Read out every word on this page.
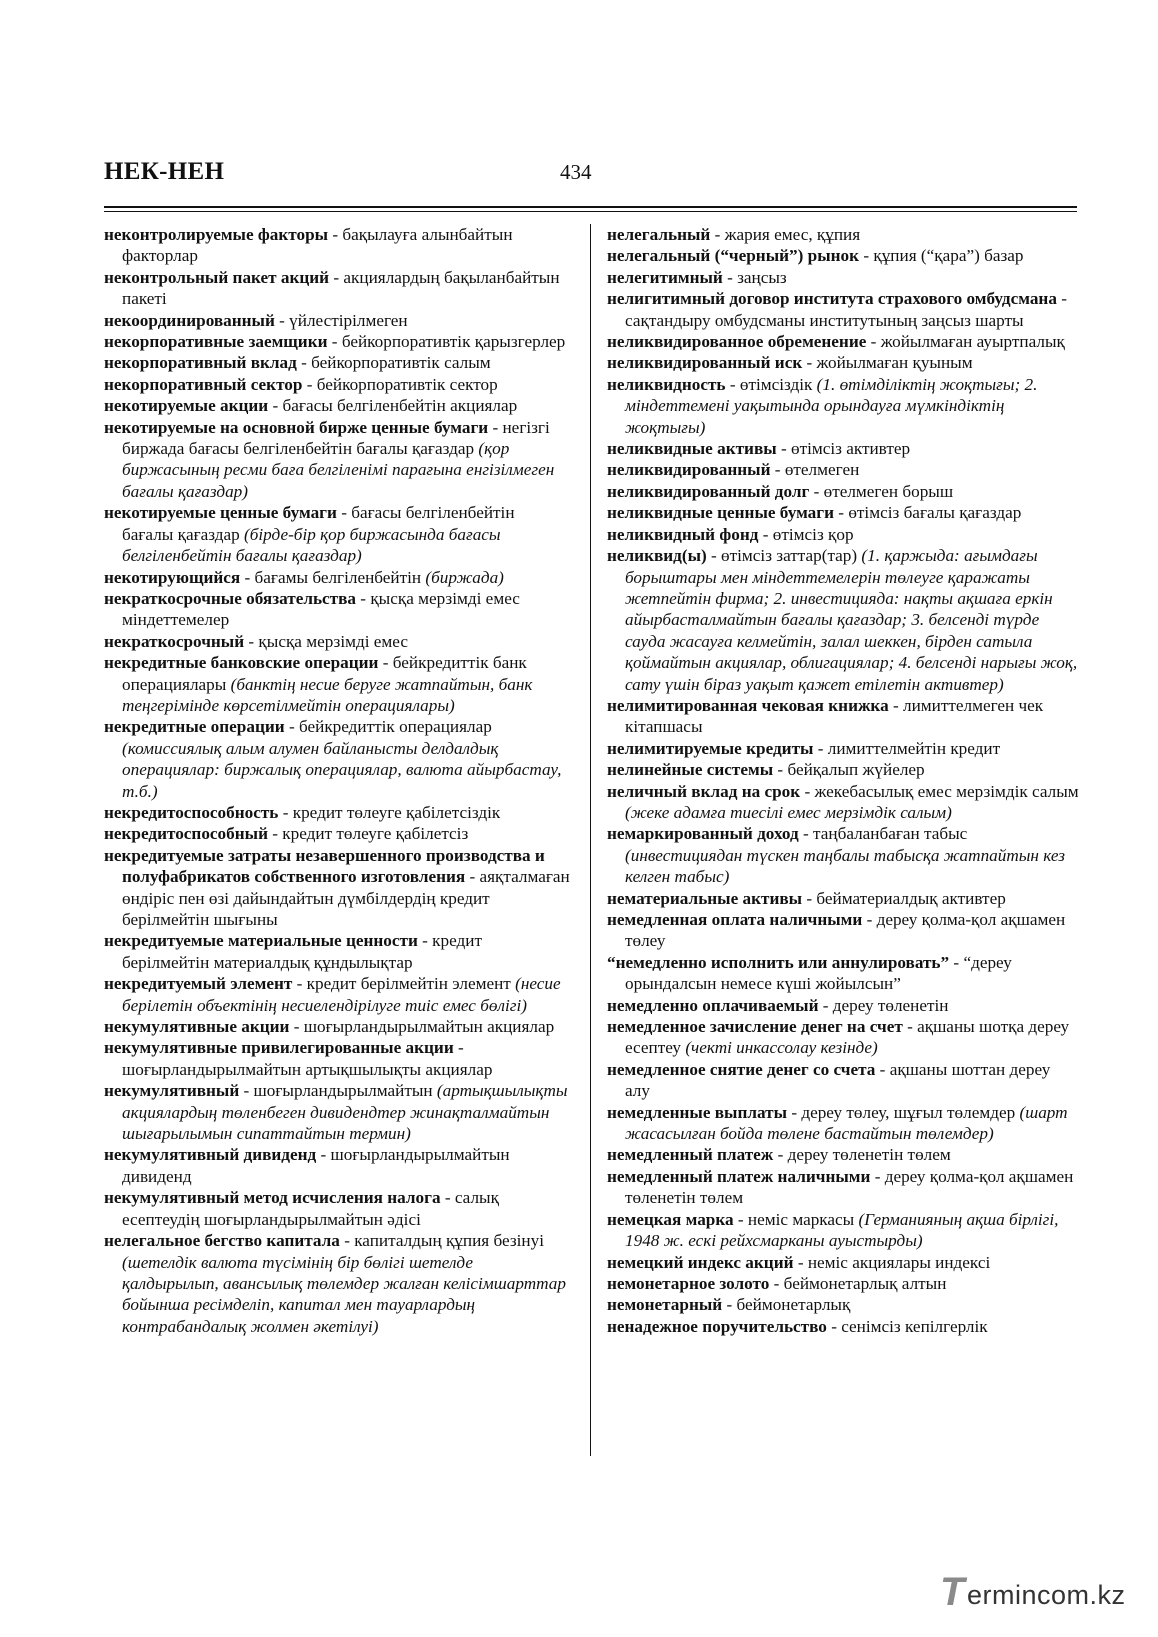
НЕК-НЕН	434

неконтролируемые факторы - бақылауға алынбайтын факторлар

неконтрольный пакет акций - акциялардың бақыланбайтын пакеті

некоординированный - үйлестірілмеген

некорпоративные заемщики - бейкорпоративтік қарызгерлер

некорпоративный вклад - бейкорпоративтік салым

некорпоративный сектор - бейкорпоративтік сектор

некотируемые акции - бағасы белгіленбейтін акциялар

некотируемые на основной бирже ценные бумаги - негізгі биржада бағасы белгіленбейтін бағалы қағаздар (қор биржасының ресми баға белгіленімі парағына енгізілмеген бағалы қағаздар)

некотируемые ценные бумаги - бағасы белгіленбейтін бағалы қағаздар (бірде-бір қор биржасында бағасы белгіленбейтін бағалы қағаздар)

некотирующийся - бағамы белгіленбейтін (биржада)

некраткосрочные обязательства - қысқа мерзімді емес міндеттемелер

некраткосрочный - қысқа мерзімді емес

некредитные банковские операции - бейкредиттік банк операциялары (банктің несие беруге жатпайтын, банк теңгерімінде көрсетілмейтін операциялары)

некредитные операции - бейкредиттік операциялар (комиссиялық алым алумен байланысты делдалдық операциялар: биржалық операциялар, валюта айырбастау, т.б.)

некредитоспособность - кредит төлеуге қабілетсіздік

некредитоспособный - кредит төлеуге қабілетсіз

некредитуемые затраты незавершенного производства и полуфабрикатов собственного изготовления - аяқталмаған өндіріс пен өзі дайындайтын дүмбілдердің кредит берілмейтін шығыны

некредитуемые материальные ценности - кредит берілмейтін материалдық құндылықтар

некредитуемый элемент - кредит берілмейтін элемент (несие берілетін объектінің несиелендірілуге тиіс емес бөлігі)

некумулятивные акции - шоғырландырылмайтын акциялар

некумулятивные привилегированные акции - шоғырландырылмайтын артықшылықты акциялар

некумулятивный - шоғырландырылмайтын (артықшылықты акциялардың төленбеген дивидендтер жинақталмайтын шығарылымын сипаттайтын термин)

некумулятивный дивиденд - шоғырландырылмайтын дивиденд

некумулятивный метод исчисления налога - салық есептеудің шоғырландырылмайтын әдісі

нелегальное бегство капитала - капиталдың құпия безінуі (шетелдік валюта түсімінің бір бөлігі шетелде қалдырылып, авансылық төлемдер жалған келісімшарттар бойынша ресімделіп, капитал мен тауарлардың контрабандалық жолмен әкетілуі)

нелегальный - жария емес, құпия

нелегальный (“черный”) рынок - құпия (“қара”) базар

нелегитимный - заңсыз

нелигитимный договор института страхового омбудсмана - сақтандыру омбудсманы институтының заңсыз шарты

неликвидированное обременение - жойылмаған ауыртпалық

неликвидированный иск - жойылмаған қуыным

неликвидность - өтімсіздік (1. өтімділіктің жоқтығы; 2. міндеттемені уақытында орындауға мүмкіндіктің жоқтығы)

неликвидные активы - өтімсіз активтер

неликвидированный - өтелмеген

неликвидированный долг - өтелмеген борыш

неликвидные ценные бумаги - өтімсіз бағалы қағаздар

неликвидный фонд - өтімсіз қор

неликвид(ы) - өтімсіз заттар(тар) (1. қаржыда: ағымдағы борыштары мен міндеттемелерін төлеуге қаражаты жетпейтін фирма; 2. инвестицияда: нақты ақшаға еркін айырбасталмайтын бағалы қағаздар; 3. белсенді түрде сауда жасауға келмейтін, залал шеккен, бірден сатыла қоймайтын акциялар, облигациялар; 4. белсенді нарығы жоқ, сату үшін біраз уақыт қажет етілетін активтер)

нелимитированная чековая книжка - лимиттелмеген чек кітапшасы

нелимитируемые кредиты - лимиттелмейтін кредит

нелинейные системы - бейқалып жүйелер

неличный вклад на срок - жекебасылық емес мерзімдік салым (жеке адамға тиесілі емес мерзімдік салым)

немаркированный доход - таңбаланбаған табыс (инвестициядан түскен таңбалы табысқа жатпайтын кез келген табыс)

нематериальные активы - бейматериалдық активтер

немедленная оплата наличными - дереу қолма-қол ақшамен төлеу

“немедленно исполнить или аннулировать” - “дереу орындалсын немесе күші жойылсын”

немедленно оплачиваемый - дереу төленетін

немедленное зачисление денег на счет - ақшаны шотқа дереу есептеу (чекті инкассолау кезінде)

немедленное снятие денег со счета - ақшаны шоттан дереу алу

немедленные выплаты - дереу төлеу, шұғыл төлемдер (шарт жасасылған бойда төлене бастайтын төлемдер)

немедленный платеж - дереу төленетін төлем

немедленный платеж наличными - дереу қолма-қол ақшамен төленетін төлем

немецкая марка - неміс маркасы (Германияның ақша бірлігі, 1948 ж. ескі рейхсмарканы ауыстырды)

немецкий индекс акций - неміс акциялары индексі

немонетарное золото - беймонетарлық алтын

немонетарный - беймонетарлық

ненадежное поручительство - сенімсіз кепілгерлік

T ermincom.kz
